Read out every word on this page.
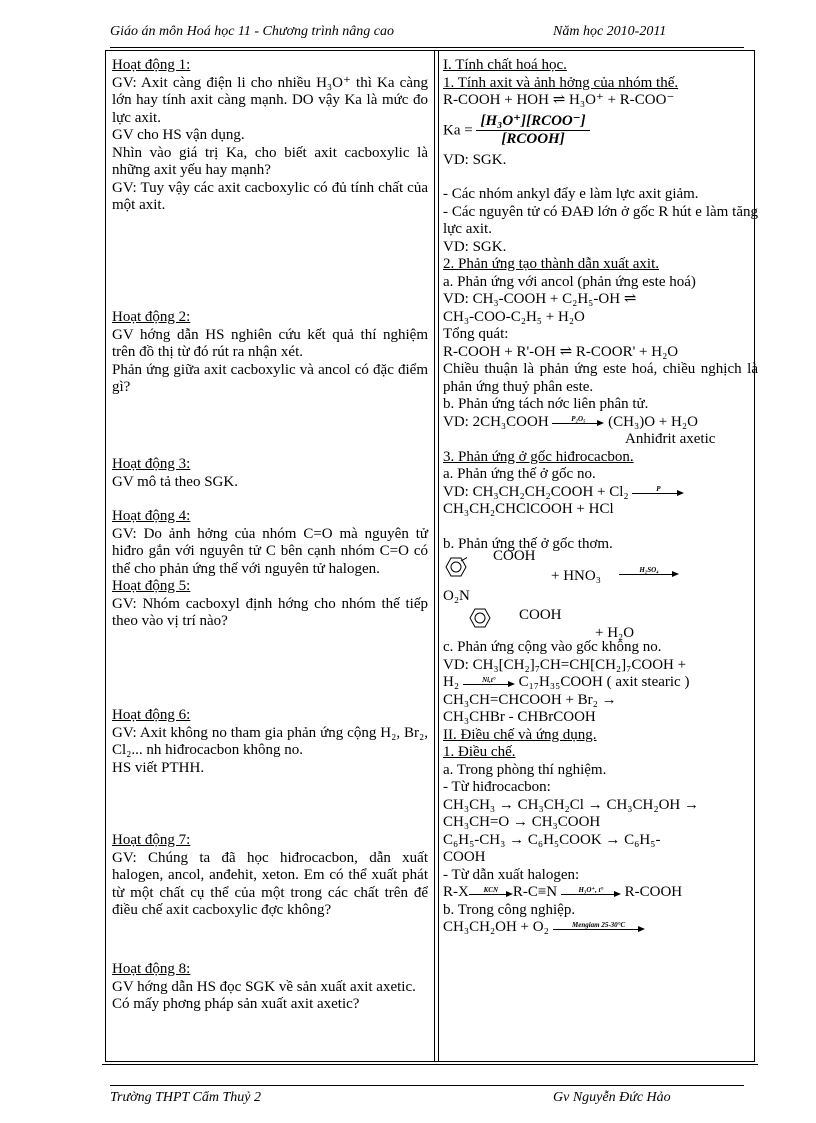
Giáo án môn Hoá học 11 - Chương trình nâng cao	Năm học 2010-2011
Hoạt động 1:
GV: Axit càng điện li cho nhiều H₃O⁺ thì Ka càng lớn hay tính axit càng mạnh. DO vậy Ka là mức đo lực axit.
GV cho HS vận dụng.
Nhìn vào giá trị Ka, cho biết axit cacboxylic là những axit yếu hay mạnh?
GV: Tuy vậy các axit cacboxylic có đủ tính chất của một axit.
Hoạt động 2:
GV hớng dẫn HS nghiên cứu kết quả thí nghiệm trên đồ thị từ đó rút ra nhận xét.
Phản ứng giữa axit cacboxylic và ancol có đặc điểm gì?
Hoạt động 3:
GV mô tả theo SGK.
Hoạt động 4:
GV: Do ảnh hởng của nhóm C=O mà nguyên tử hiđro gắn với nguyên tử C bên cạnh nhóm C=O có thể cho phản ứng thế với nguyên tử halogen.
Hoạt động 5:
GV: Nhóm cacboxyl định hớng cho nhóm thế tiếp theo vào vị trí nào?
Hoạt động 6:
GV: Axit không no tham gia phản ứng cộng H₂, Br₂, Cl₂... nh hiđrocacbon không no.
HS viết PTHH.
Hoạt động 7:
GV: Chúng ta đã học hiđrocacbon, dẫn xuất halogen, ancol, anđehit, xeton. Em có thể xuất phát từ một chất cụ thể của một trong các chất trên để điều chế axit cacboxylic đợc không?
Hoạt động 8:
GV hớng dẫn HS đọc SGK về sản xuất axit axetic.
Có mấy phơng pháp sản xuất axit axetic?
I. Tính chất hoá học.
1. Tính axit và ảnh hởng của nhóm thế.
R-COOH + HOH ⇌ H₃O⁺ + R-COO⁻
$Ka = \frac{\text{[H₃O⁺][RCOO⁻]}}{\text{[RCOOH]}}$
VD: SGK.
- Các nhóm ankyl đẩy e làm lực axit giảm.
- Các nguyên tử có ĐAĐ lớn ở gốc R hút e làm tăng lực axit.
VD: SGK.
2. Phản ứng tạo thành dẫn xuất axit.
a. Phản ứng với ancol (phản ứng este hoá)
VD: CH₃-COOH + C₂H₅-OH ⇌
CH₃-COO-C₂H₅ + H₂O
Tổng quát:
R-COOH + R'-OH ⇌ R-COOR' + H₂O
Chiều thuận là phản ứng este hoá, chiều nghịch là phản ứng thuỷ phân este.
b. Phản ứng tách nớc liên phân tử.
VD: 2CH₃COOH	P₂O₅	(CH₃)O + H₂O
Anhiđrit axetic
3. Phản ứng ở gốc hiđrocacbon.
a. Phản ứng thế ở gốc no.
VD: CH₃CH₂CH₂COOH + Cl₂	P
CH₃CH₂CHClCOOH + HCl
b. Phản ứng thế ở gốc thơm.
COOH
+ HNO₃	H₂SO₄
O₂N
COOH
+ H₂O
c. Phản ứng cộng vào gốc không no.
VD: CH₃[CH₂]₇CH=CH[CH₂]₇COOH +
H₂	Ni,t°	C₁₇H₃₅COOH ( axit stearic )
CH₃CH=CHCOOH + Br₂ →
CH₃CHBr - CHBrCOOH
II. Điều chế và ứng dụng.
1. Điều chế.
a. Trong phòng thí nghiệm.
- Từ hiđrocacbon:
CH₃CH₃ → CH₃CH₂Cl → CH₃CH₂OH →
CH₃CH=O → CH₃COOH
C₆H₅-CH₃ → C₆H₅COOK → C₆H₅-
COOH
- Từ dẫn xuất halogen:
R-X	KCN R-C≡N	H₃O⁺, t°	R-COOH
b. Trong công nghiệp.
CH₃CH₂OH + O₂	Mengiam 25-30°C
Trường THPT Cẩm Thuỷ 2	Gv Nguyễn Đức Hảo
